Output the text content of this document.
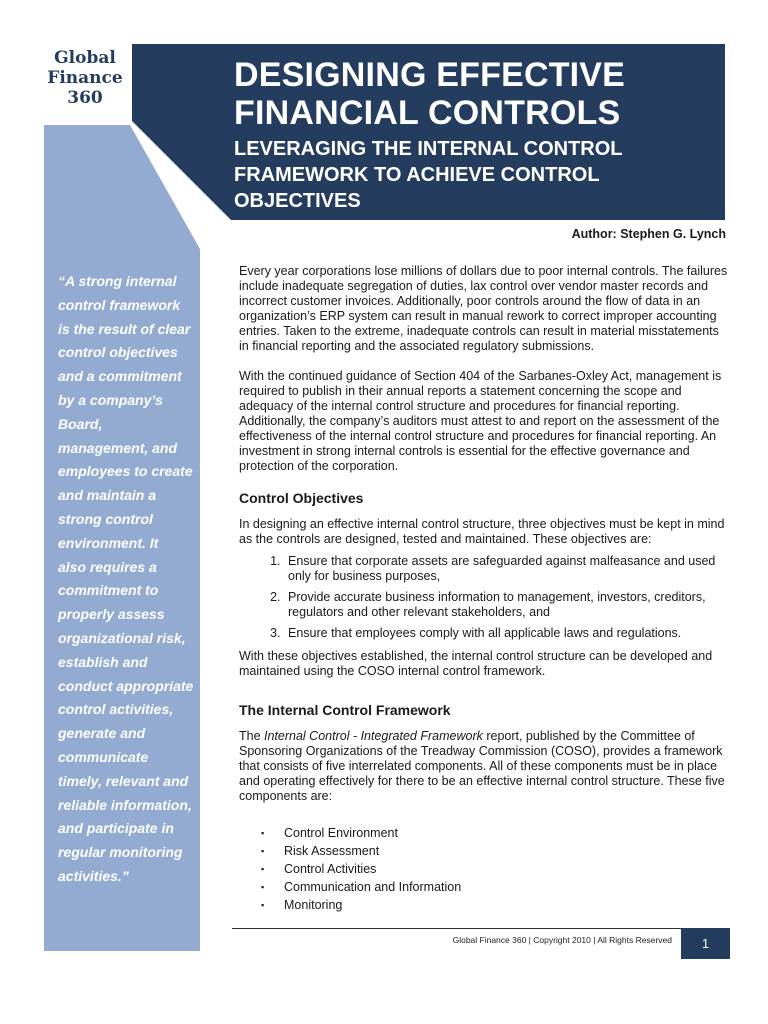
Global
Finance
360
DESIGNING EFFECTIVE
FINANCIAL CONTROLS
LEVERAGING THE INTERNAL CONTROL
FRAMEWORK TO ACHIEVE CONTROL
OBJECTIVES
Author: Stephen G. Lynch
“A strong internal
control framework
is the result of clear
control objectives
and a commitment
by a company’s
Board,
management, and
employees to create
and maintain a
strong control
environment. It
also requires a
commitment to
properly assess
organizational risk,
establish and
conduct appropriate
control activities,
generate and
communicate
timely, relevant and
reliable information,
and participate in
regular monitoring
activities.”

Every year corporations lose millions of dollars due to poor internal controls. The failures include inadequate segregation of duties, lax control over vendor master records and incorrect customer invoices. Additionally, poor controls around the flow of data in an organization’s ERP system can result in manual rework to correct improper accounting entries. Taken to the extreme, inadequate controls can result in material misstatements in financial reporting and the associated regulatory submissions.

With the continued guidance of Section 404 of the Sarbanes-Oxley Act, management is required to publish in their annual reports a statement concerning the scope and adequacy of the internal control structure and procedures for financial reporting. Additionally, the company’s auditors must attest to and report on the assessment of the effectiveness of the internal control structure and procedures for financial reporting. An investment in strong internal controls is essential for the effective governance and protection of the corporation.

Control Objectives

In designing an effective internal control structure, three objectives must be kept in mind as the controls are designed, tested and maintained. These objectives are:

1. Ensure that corporate assets are safeguarded against malfeasance and used only for business purposes,
2. Provide accurate business information to management, investors, creditors, regulators and other relevant stakeholders, and
3. Ensure that employees comply with all applicable laws and regulations.

With these objectives established, the internal control structure can be developed and maintained using the COSO internal control framework.

The Internal Control Framework

The Internal Control - Integrated Framework report, published by the Committee of Sponsoring Organizations of the Treadway Commission (COSO), provides a framework that consists of five interrelated components. All of these components must be in place and operating effectively for there to be an effective internal control structure. These five components are:

▪ Control Environment
▪ Risk Assessment
▪ Control Activities
▪ Communication and Information
▪ Monitoring
Global Finance 360 | Copyright 2010 | All Rights Reserved	1
